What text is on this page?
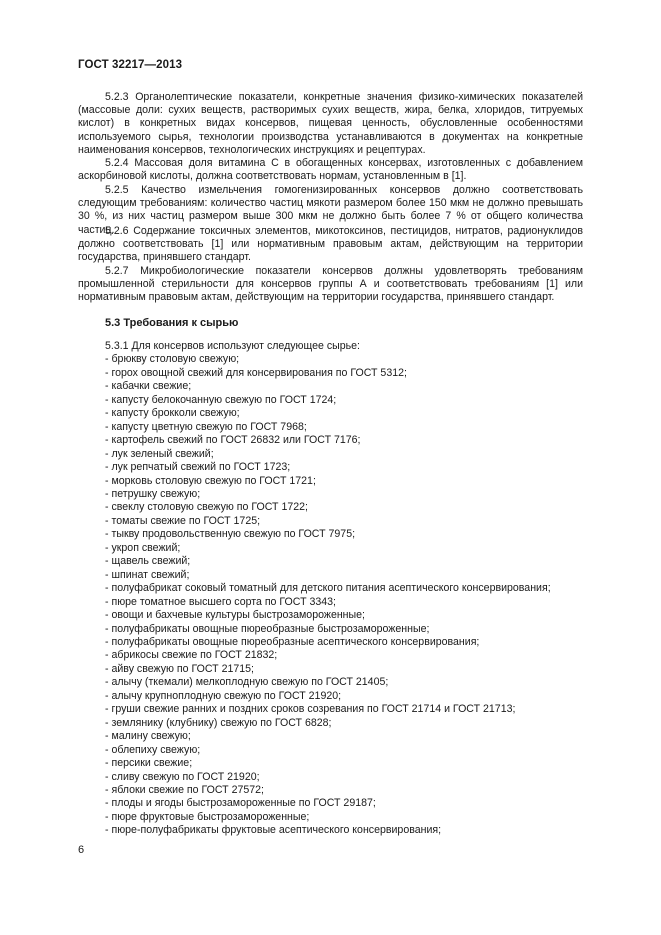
ГОСТ 32217—2013

5.2.3 Органолептические показатели, конкретные значения физико-химических показателей (массовые доли: сухих веществ, растворимых сухих веществ, жира, белка, хлоридов, титруемых кислот) в конкретных видах консервов, пищевая ценность, обусловленные особенностями используемого сырья, технологии производства устанавливаются в документах на конкретные наименования консервов, технологических инструкциях и рецептурах.

5.2.4 Массовая доля витамина С в обогащенных консервах, изготовленных с добавлением аскорбиновой кислоты, должна соответствовать нормам, установленным в [1].

5.2.5 Качество измельчения гомогенизированных консервов должно соответствовать следующим требованиям: количество частиц мякоти размером более 150 мкм не должно превышать 30 %, из них частиц размером выше 300 мкм не должно быть более 7 % от общего количества частиц.

5.2.6 Содержание токсичных элементов, микотоксинов, пестицидов, нитратов, радионуклидов должно соответствовать [1] или нормативным правовым актам, действующим на территории государства, принявшего стандарт.

5.2.7 Микробиологические показатели консервов должны удовлетворять требованиям промышленной стерильности для консервов группы А и соответствовать требованиям [1] или нормативным правовым актам, действующим на территории государства, принявшего стандарт.

5.3 Требования к сырью

5.3.1 Для консервов используют следующее сырье:

- брюкву столовую свежую;
- горох овощной свежий для консервирования по ГОСТ 5312;
- кабачки свежие;
- капусту белокочанную свежую по ГОСТ 1724;
- капусту брокколи свежую;
- капусту цветную свежую по ГОСТ 7968;
- картофель свежий по ГОСТ 26832 или ГОСТ 7176;
- лук зеленый свежий;
- лук репчатый свежий по ГОСТ 1723;
- морковь столовую свежую по ГОСТ 1721;
- петрушку свежую;
- свеклу столовую свежую по ГОСТ 1722;
- томаты свежие по ГОСТ 1725;
- тыкву продовольственную свежую по ГОСТ 7975;
- укроп свежий;
- щавель свежий;
- шпинат свежий;
- полуфабрикат соковый томатный для детского питания асептического консервирования;
- пюре томатное высшего сорта по ГОСТ 3343;
- овощи и бахчевые культуры быстрозамороженные;
- полуфабрикаты овощные пюреобразные быстрозамороженные;
- полуфабрикаты овощные пюреобразные асептического консервирования;
- абрикосы свежие по ГОСТ 21832;
- айву свежую по ГОСТ 21715;
- алычу (ткемали) мелкоплодную свежую по ГОСТ 21405;
- алычу крупноплодную свежую по ГОСТ 21920;
- груши свежие ранних и поздних сроков созревания по ГОСТ 21714 и ГОСТ 21713;
- землянику (клубнику) свежую по ГОСТ 6828;
- малину свежую;
- облепиху свежую;
- персики свежие;
- сливу свежую по ГОСТ 21920;
- яблоки свежие по ГОСТ 27572;
- плоды и ягоды быстрозамороженные по ГОСТ 29187;
- пюре фруктовые быстрозамороженные;
- пюре-полуфабрикаты фруктовые асептического консервирования;
6
